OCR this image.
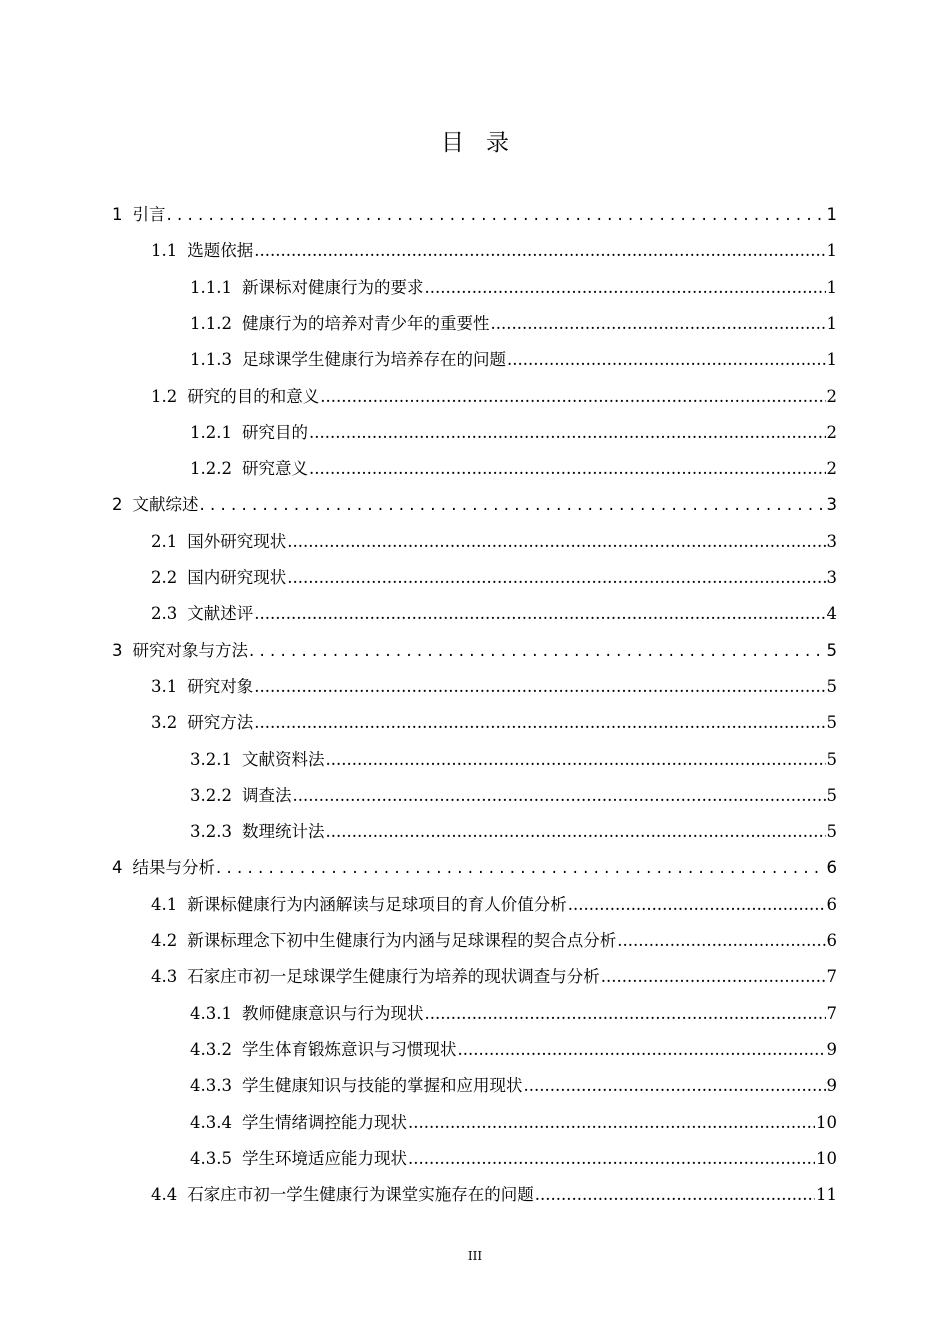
目录
1 引言 . . .	1
1.1 选题依据 .....	1
1.1.1 新课标对健康行为的要求 .....	1
1.1.2 健康行为的培养对青少年的重要性 .....	1
1.1.3 足球课学生健康行为培养存在的问题 .....	1
1.2 研究的目的和意义 .....	2
1.2.1 研究目的 .....	2
1.2.2 研究意义 .....	2
2 文献综述 . . .	3
2.1 国外研究现状 .....	3
2.2 国内研究现状 .....	3
2.3 文献述评 .....	4
3 研究对象与方法 . . .	5
3.1 研究对象 .....	5
3.2 研究方法 .....	5
3.2.1 文献资料法 .....	5
3.2.2 调查法 .....	5
3.2.3 数理统计法 .....	5
4 结果与分析 . . .	6
4.1 新课标健康行为内涵解读与足球项目的育人价值分析 .....	6
4.2 新课标理念下初中生健康行为内涵与足球课程的契合点分析 .....	6
4.3 石家庄市初一足球课学生健康行为培养的现状调查与分析 .....	7
4.3.1 教师健康意识与行为现状 .....	7
4.3.2 学生体育锻炼意识与习惯现状 .....	9
4.3.3 学生健康知识与技能的掌握和应用现状 .....	9
4.3.4 学生情绪调控能力现状 .....	10
4.3.5 学生环境适应能力现状 .....	10
4.4 石家庄市初一学生健康行为课堂实施存在的问题 .....	11
III
